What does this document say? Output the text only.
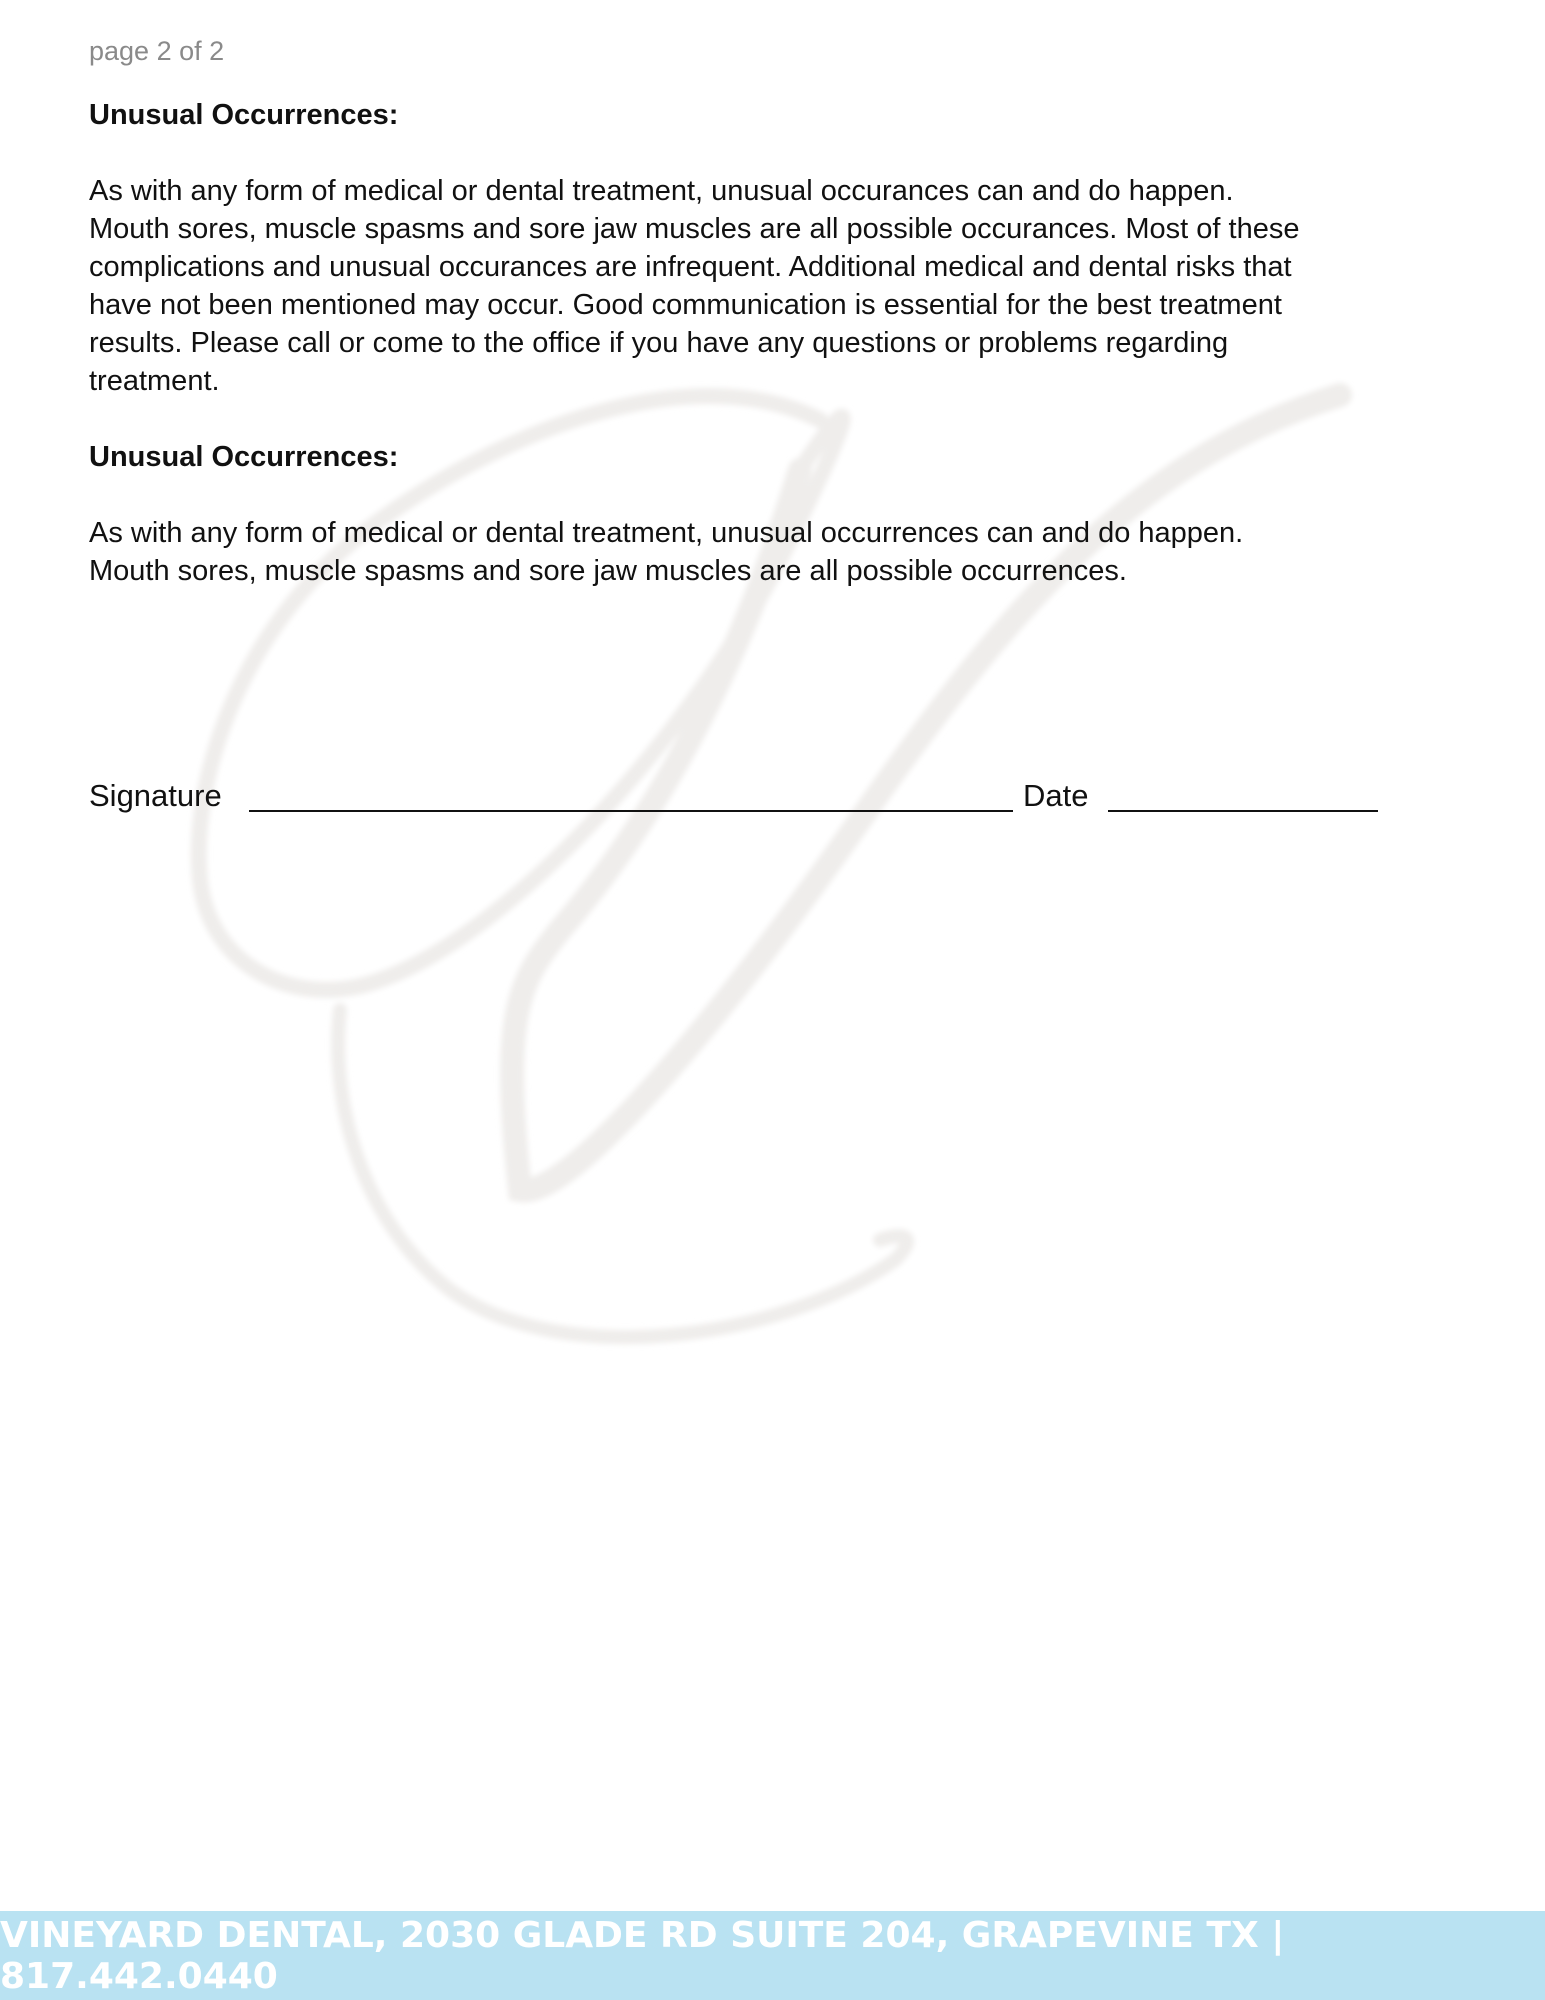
page 2 of 2
Unusual Occurrences:
As with any form of medical or dental treatment, unusual occurances can and do happen.
Mouth sores, muscle spasms and sore jaw muscles are all possible occurances. Most of these
complications and unusual occurances are infrequent. Additional medical and dental risks that
have not been mentioned may occur. Good communication is essential for the best treatment
results. Please call or come to the office if you have any questions or problems regarding
treatment.
Unusual Occurrences:
As with any form of medical or dental treatment, unusual occurrences can and do happen.
Mouth sores, muscle spasms and sore jaw muscles are all possible occurrences.
Signature	Date
VINEYARD DENTAL, 2030 GLADE RD SUITE 204, GRAPEVINE TX | 817.442.0440
